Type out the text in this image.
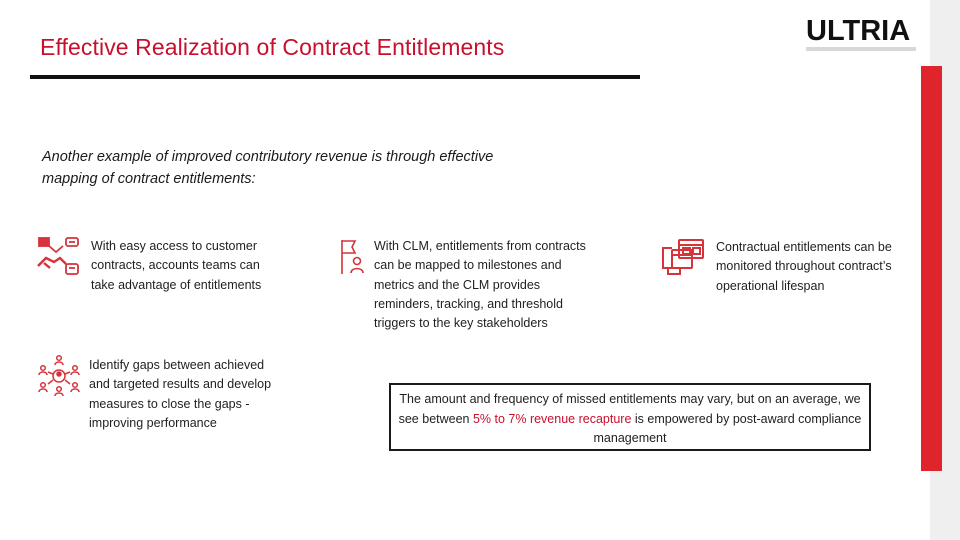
Effective Realization of Contract Entitlements	ULTRIA
Another example of improved contributory revenue is through effective mapping of contract entitlements:
With easy access to customer contracts, accounts teams can take advantage of entitlements
With CLM, entitlements from contracts can be mapped to milestones and metrics and the CLM provides reminders, tracking, and threshold triggers to the key stakeholders
Contractual entitlements can be monitored throughout contract’s operational lifespan
Identify gaps between achieved and targeted results and develop measures to close the gaps - improving performance
The amount and frequency of missed entitlements may vary, but on an average, we see between 5% to 7% revenue recapture is empowered by post-award compliance management
